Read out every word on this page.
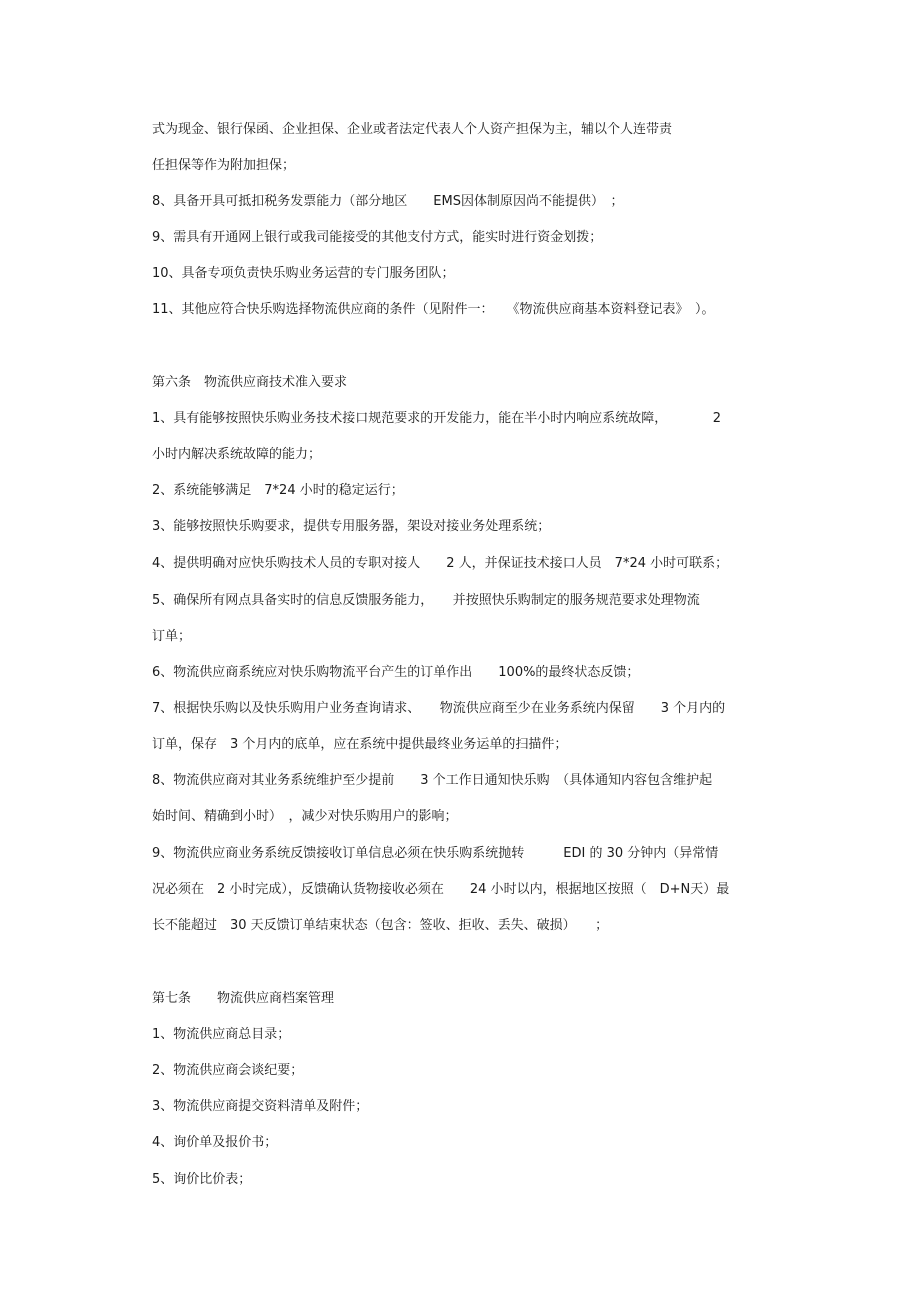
式为现金、银行保函、企业担保、企业或者法定代表人个人资产担保为主，辅以个人连带责
任担保等作为附加担保；
8、具备开具可抵扣税务发票能力（部分地区　　EMS因体制原因尚不能提供）　；
9、需具有开通网上银行或我司能接受的其他支付方式，能实时进行资金划拨；
10、具备专项负责快乐购业务运营的专门服务团队；
11、其他应符合快乐购选择物流供应商的条件（见附件一：　　《物流供应商基本资料登记表》　）。
第六条　物流供应商技术准入要求
1、具有能够按照快乐购业务技术接口规范要求的开发能力，能在半小时内响应系统故障，　　　　2
小时内解决系统故障的能力；
2、系统能够满足　7*24 小时的稳定运行；
3、能够按照快乐购要求，提供专用服务器，架设对接业务处理系统；
4、提供明确对应快乐购技术人员的专职对接人　　2 人，并保证技术接口人员　7*24 小时可联系；
5、确保所有网点具备实时的信息反馈服务能力，　　并按照快乐购制定的服务规范要求处理物流
订单；
6、物流供应商系统应对快乐购物流平台产生的订单作出　　100%的最终状态反馈；
7、根据快乐购以及快乐购用户业务查询请求、　　物流供应商至少在业务系统内保留　　3 个月内的
订单，保存　3 个月内的底单，应在系统中提供最终业务运单的扫描件；
8、物流供应商对其业务系统维护至少提前　　3 个工作日通知快乐购　（具体通知内容包含维护起
始时间、精确到小时）　，减少对快乐购用户的影响；
9、物流供应商业务系统反馈接收订单信息必须在快乐购系统抛转　　　EDI 的 30 分钟内（异常情
况必须在　2 小时完成），反馈确认货物接收必须在　　24 小时以内，根据地区按照（　D+N天）最
长不能超过　30 天反馈订单结束状态（包含：签收、拒收、丢失、破损）　　；
第七条　　物流供应商档案管理
1、物流供应商总目录；
2、物流供应商会谈纪要；
3、物流供应商提交资料清单及附件；
4、询价单及报价书；
5、询价比价表；
